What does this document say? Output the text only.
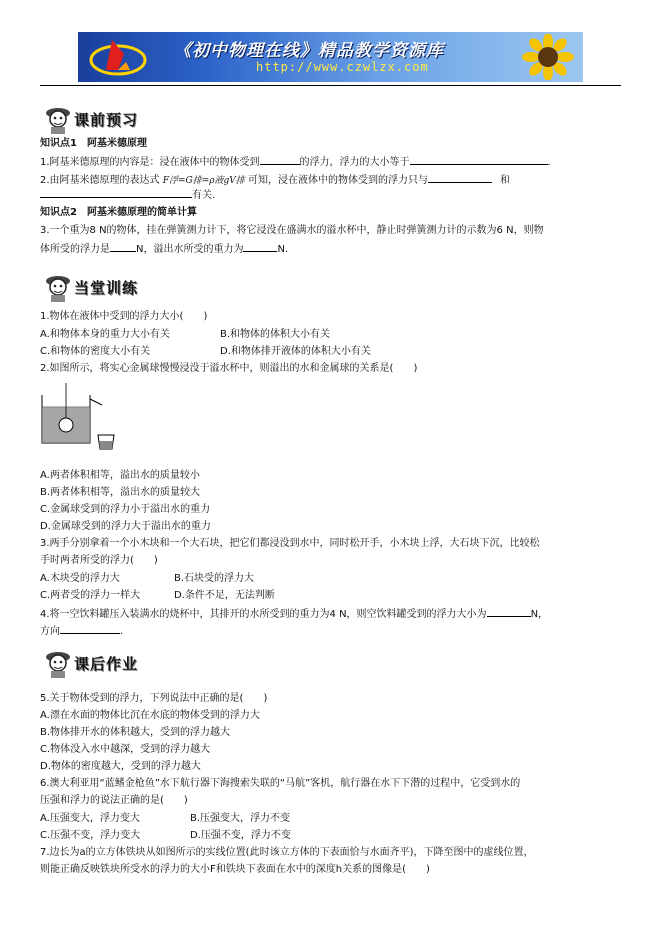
《初中物理在线》精品教学资源库
http://www.czwlzx.com
课前预习
知识点1　阿基米德原理
1.阿基米德原理的内容是：浸在液体中的物体受到	的浮力，浮力的大小等于	.
2.由阿基米德原理的表达式 F浮=G排=ρ液gV排 可知，浸在液体中的物体受到的浮力只与	和
有关.
知识点2　阿基米德原理的简单计算
3.一个重为8 N的物体，挂在弹簧测力计下，将它浸没在盛满水的溢水杯中，静止时弹簧测力计的示数为6 N，则物
体所受的浮力是	N，溢出水所受的重力为	N.
当堂训练
1.物体在液体中受到的浮力大小(　　)
A.和物体本身的重力大小有关	B.和物体的体积大小有关
C.和物体的密度大小有关	D.和物体排开液体的体积大小有关
2.如图所示，将实心金属球慢慢浸没于溢水杯中，则溢出的水和金属球的关系是(　　)
A.两者体积相等，溢出水的质量较小
B.两者体积相等，溢出水的质量较大
C.金属球受到的浮力小于溢出水的重力
D.金属球受到的浮力大于溢出水的重力
3.两手分别拿着一个小木块和一个大石块，把它们都浸没到水中，同时松开手，小木块上浮，大石块下沉，比较松
手时两者所受的浮力(　　)
A.木块受的浮力大	B.石块受的浮力大
C.两者受的浮力一样大	D.条件不足，无法判断
4.将一空饮料罐压入装满水的烧杯中，其排开的水所受到的重力为4 N，则空饮料罐受到的浮力大小为	N，
方向	.
课后作业
5.关于物体受到的浮力，下列说法中正确的是(　　)
A.漂在水面的物体比沉在水底的物体受到的浮力大
B.物体排开水的体积越大，受到的浮力越大
C.物体没入水中越深，受到的浮力越大
D.物体的密度越大，受到的浮力越大
6.澳大利亚用“蓝鳍金枪鱼”水下航行器下海搜索失联的“马航”客机，航行器在水下下潜的过程中，它受到水的
压强和浮力的说法正确的是(　　)
A.压强变大，浮力变大	B.压强变大，浮力不变
C.压强不变，浮力变大	D.压强不变，浮力不变
7.边长为a的立方体铁块从如图所示的实线位置(此时该立方体的下表面恰与水面齐平)，下降至图中的虚线位置，
则能正确反映铁块所受水的浮力的大小F和铁块下表面在水中的深度h关系的图像是(　　)
